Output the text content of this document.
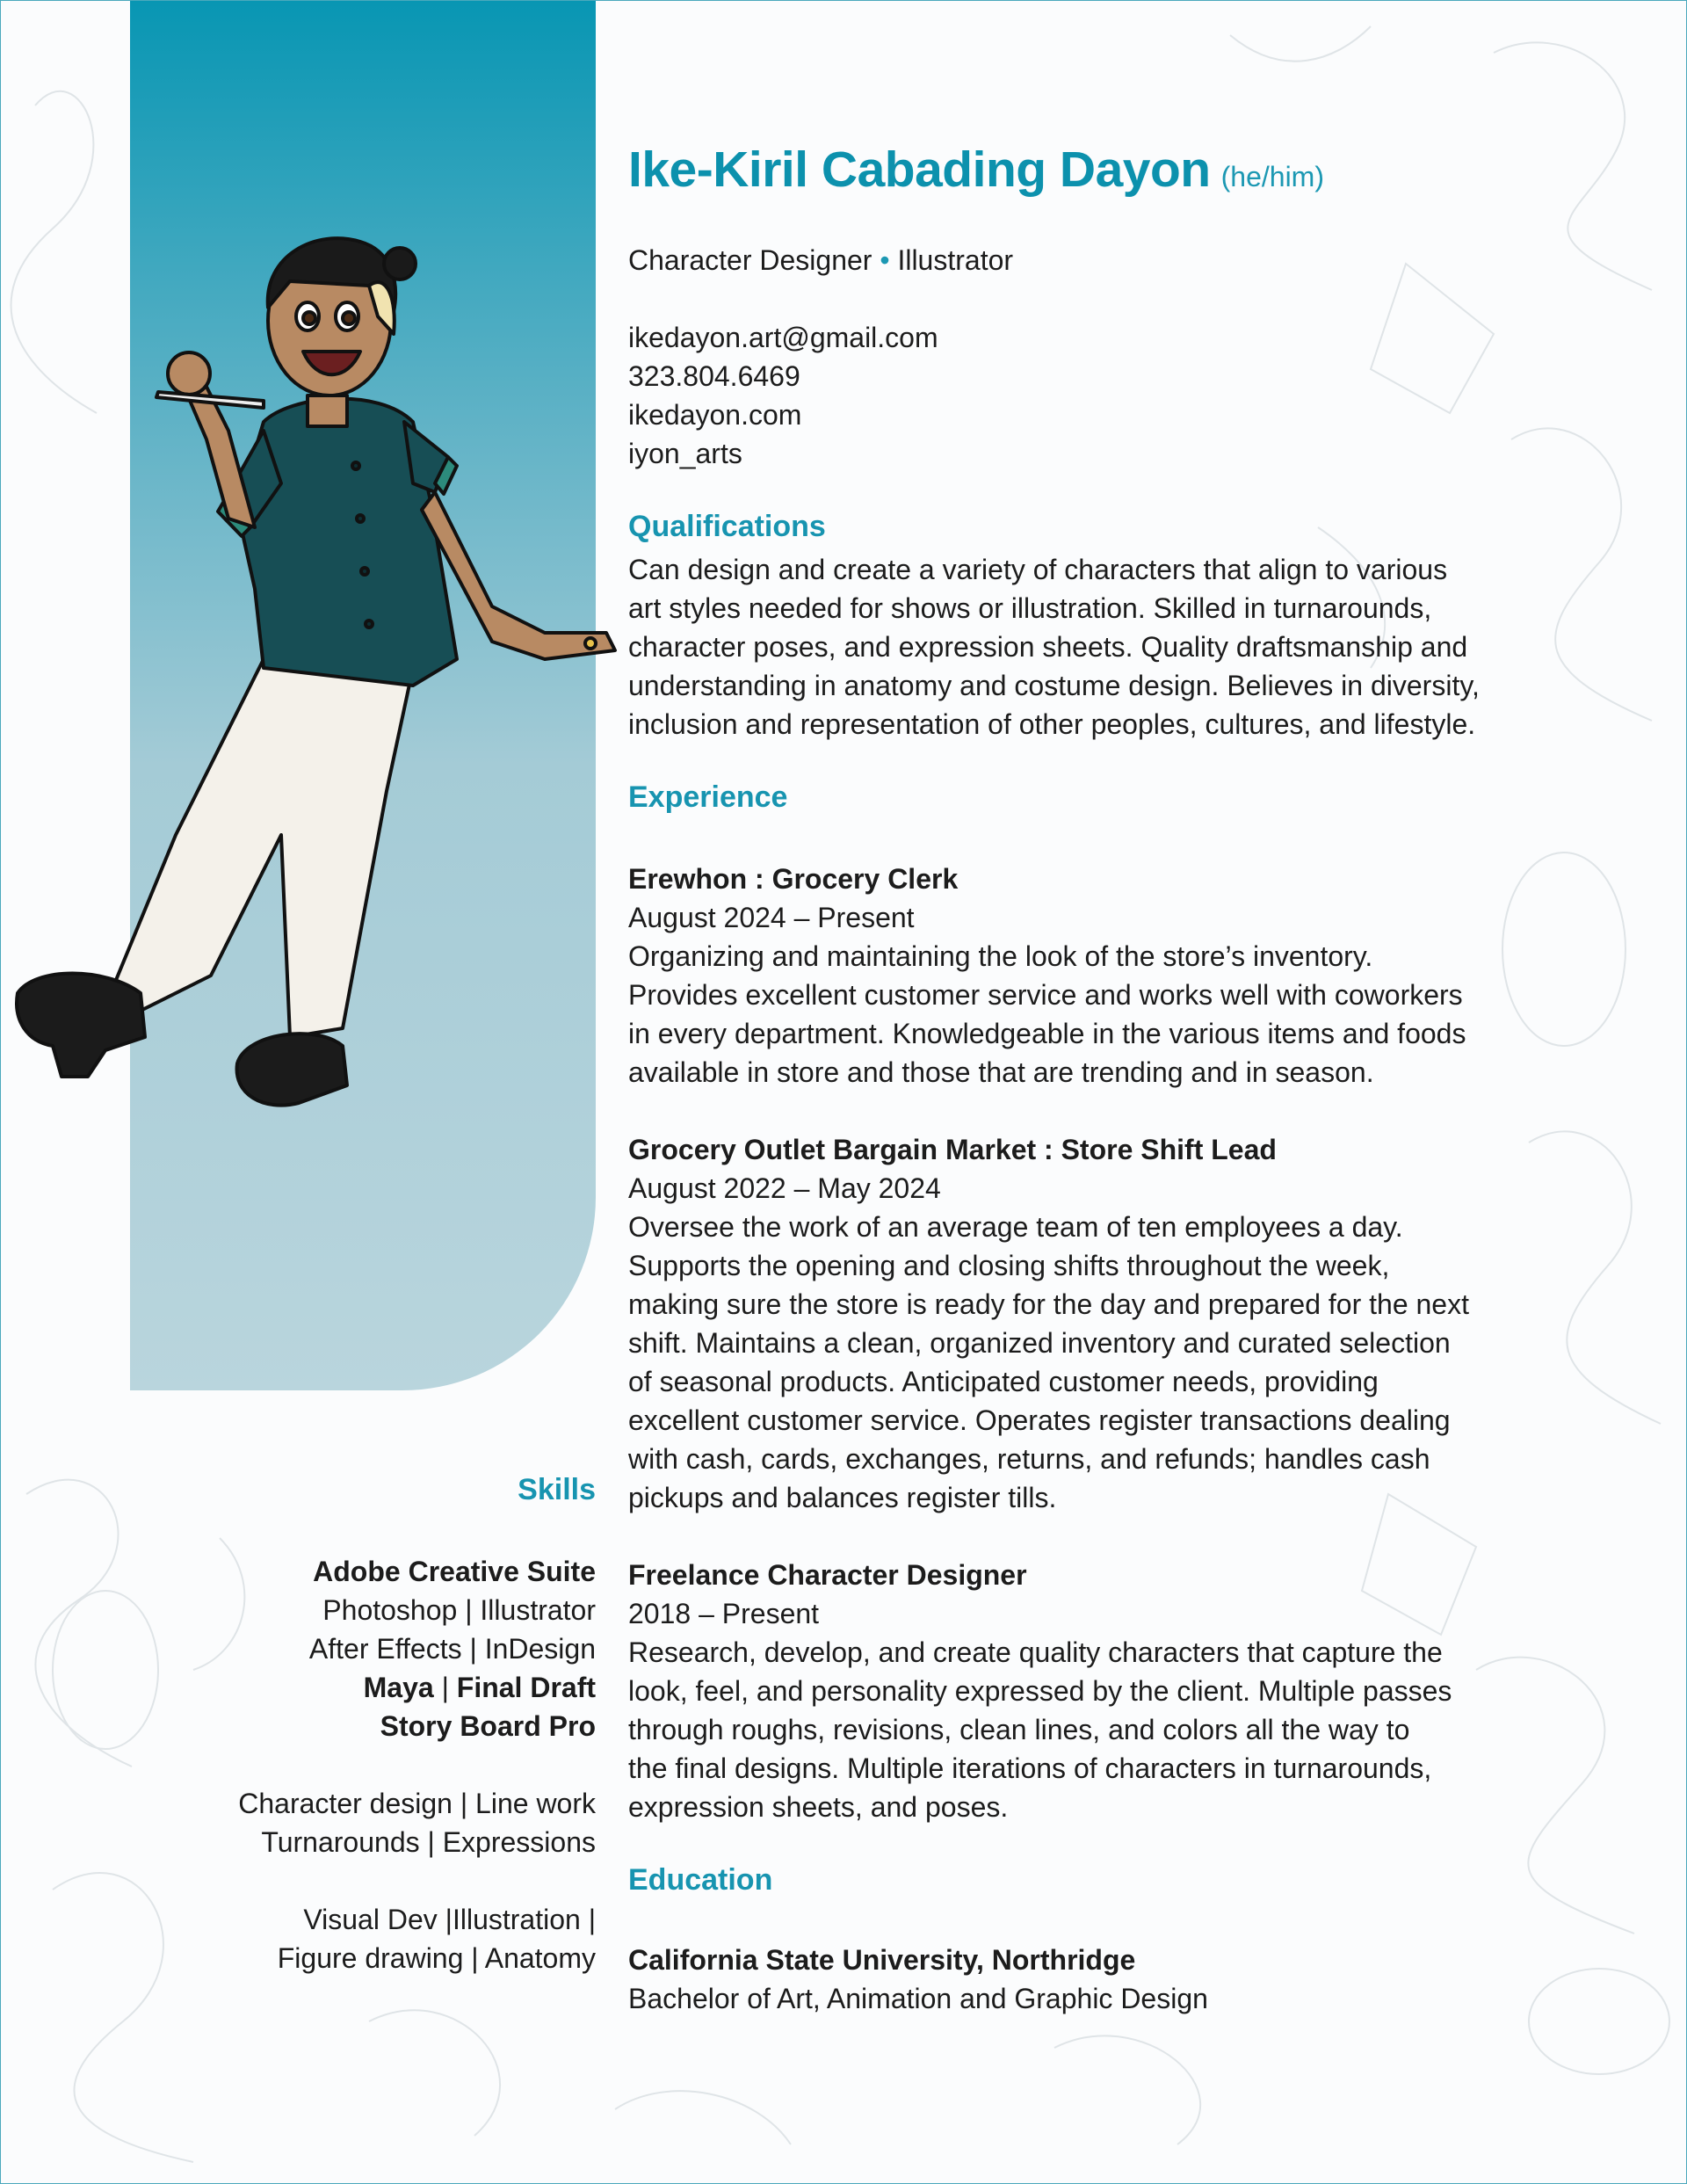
Ike-Kiril Cabading Dayon (he/him)
Character Designer • Illustrator
ikedayon.art@gmail.com
323.804.6469
ikedayon.com
iyon_arts
Qualifications
Can design and create a variety of characters that align to various
art styles needed for shows or illustration. Skilled in turnarounds,
character poses, and expression sheets. Quality draftsmanship and
understanding in anatomy and costume design. Believes in diversity,
inclusion and representation of other peoples, cultures, and lifestyle.
Experience
Erewhon : Grocery Clerk
August 2024 – Present
Organizing and maintaining the look of the store’s inventory.
Provides excellent customer service and works well with coworkers
in every department. Knowledgeable in the various items and foods
available in store and those that are trending and in season.
Grocery Outlet Bargain Market : Store Shift Lead
August 2022 – May 2024
Oversee the work of an average team of ten employees a day.
Supports the opening and closing shifts throughout the week,
making sure the store is ready for the day and prepared for the next
shift. Maintains a clean, organized inventory and curated selection
of seasonal products. Anticipated customer needs, providing
excellent customer service. Operates register transactions dealing
with cash, cards, exchanges, returns, and refunds; handles cash
pickups and balances register tills.
Freelance Character Designer
2018 – Present
Research, develop, and create quality characters that capture the
look, feel, and personality expressed by the client. Multiple passes
through roughs, revisions, clean lines, and colors all the way to
the final designs. Multiple iterations of characters in turnarounds,
expression sheets, and poses.
Education
California State University, Northridge
Bachelor of Art, Animation and Graphic Design
Skills
Adobe Creative Suite
Photoshop | Illustrator
After Effects | InDesign
Maya | Final Draft
Story Board Pro
Character design | Line work
Turnarounds | Expressions
Visual Dev |Illustration |
Figure drawing | Anatomy
